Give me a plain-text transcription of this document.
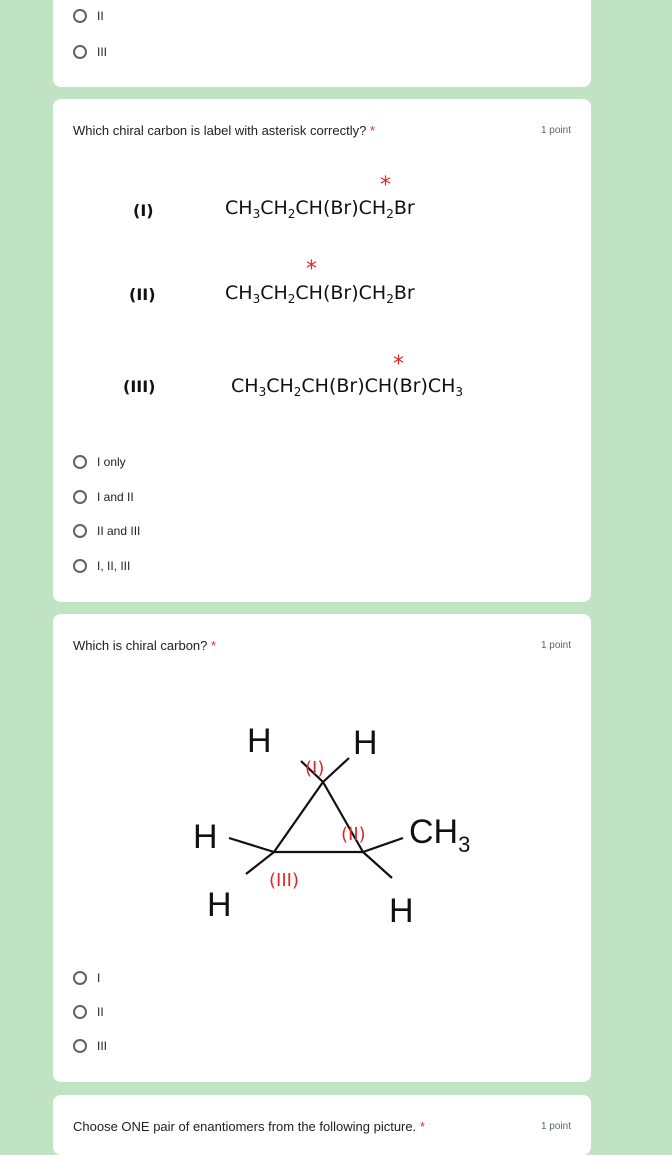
II
III
Which chiral carbon is label with asterisk correctly? *	1 point
(I)	$CH_3CH_2CH(Br)CH_2Br$
*
(II)	$CH_3CH_2CH(Br)CH_2Br$
*
(III)	$CH_3CH_2CH(Br)CH(Br)CH_3$
*
I only
I and II
II and III
I, II, III
Which is chiral carbon? *	1 point
H H
H
H	H
$CH_3$
(I)
(II)
(III)
I
II
III
Choose ONE pair of enantiomers from the following picture. *	1 point
